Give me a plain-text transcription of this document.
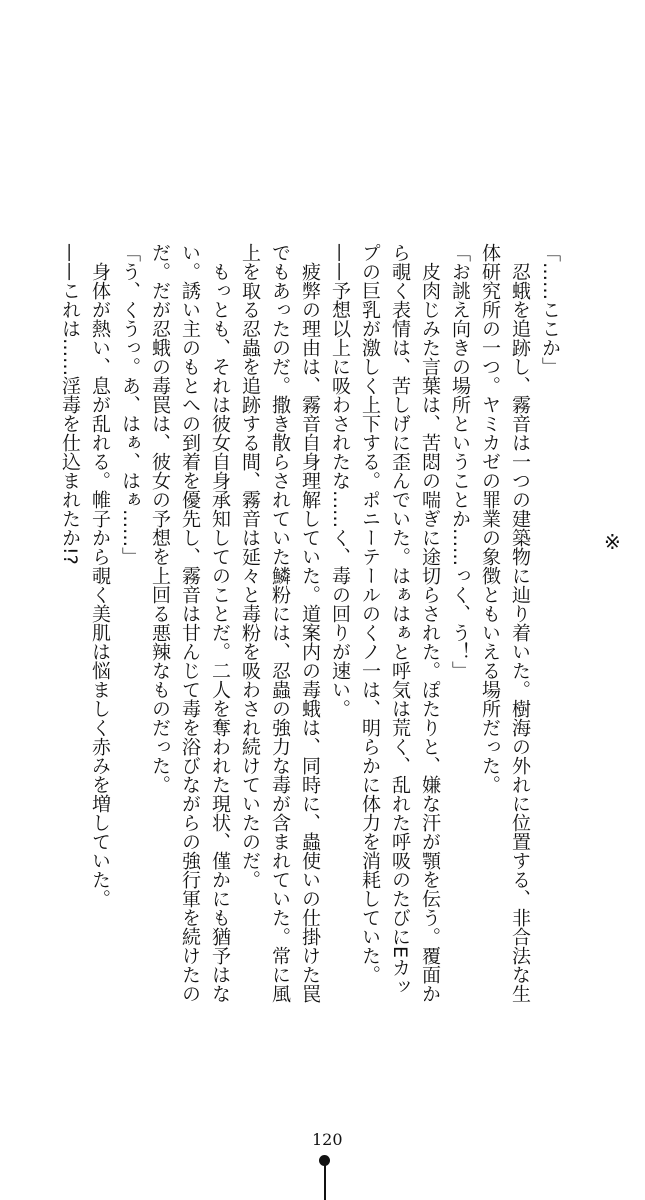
※
「……ここか」
忍蛾を追跡し、霧音は一つの建築物に辿り着いた。樹海の外れに位置する、非合法な生
体研究所の一つ。ヤミカゼの罪業の象徴ともいえる場所だった。
「お誂え向きの場所ということか……っく、う！」
皮肉じみた言葉は、苦悶の喘ぎに途切らされた。ぽたりと、嫌な汗が顎を伝う。覆面か
ら覗く表情は、苦しげに歪んでいた。はぁはぁと呼気は荒く、乱れた呼吸のたびにEカッ
プの巨乳が激しく上下する。ポニーテールのくノ一は、明らかに体力を消耗していた。
——予想以上に吸わされたな……く、毒の回りが速い。
疲弊の理由は、霧音自身理解していた。道案内の毒蛾は、同時に、蟲使いの仕掛けた罠
でもあったのだ。撒き散らされていた鱗粉には、忍蟲の強力な毒が含まれていた。常に風
上を取る忍蟲を追跡する間、霧音は延々と毒粉を吸わされ続けていたのだ。
もっとも、それは彼女自身承知してのことだ。二人を奪われた現状、僅かにも猶予はな
い。誘い主のもとへの到着を優先し、霧音は甘んじて毒を浴びながらの強行軍を続けたの
だ。だが忍蛾の毒罠は、彼女の予想を上回る悪辣なものだった。
「う、くうっ。あ、はぁ、はぁ……」
身体が熱い、息が乱れる。帷子から覗く美肌は悩ましく赤みを増していた。
——これは……淫毒を仕込まれたか!?
120
